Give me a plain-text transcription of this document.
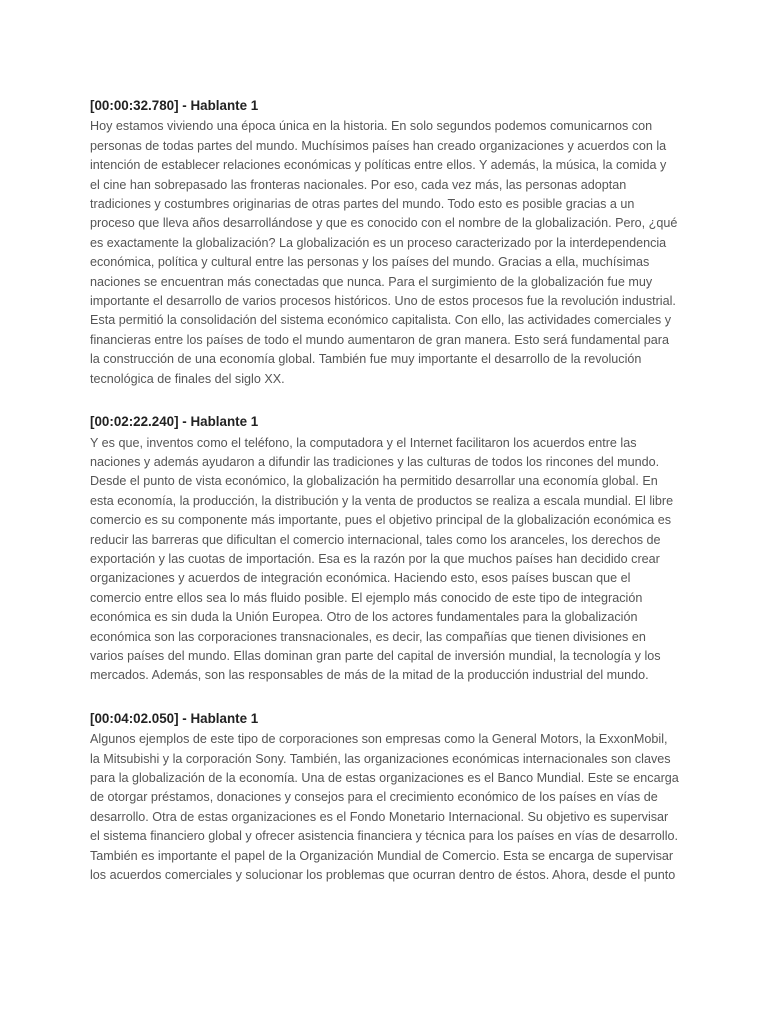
[00:00:32.780] - Hablante 1
Hoy estamos viviendo una época única en la historia. En solo segundos podemos comunicarnos con
personas de todas partes del mundo. Muchísimos países han creado organizaciones y acuerdos con la
intención de establecer relaciones económicas y políticas entre ellos. Y además, la música, la comida y
el cine han sobrepasado las fronteras nacionales. Por eso, cada vez más, las personas adoptan
tradiciones y costumbres originarias de otras partes del mundo. Todo esto es posible gracias a un
proceso que lleva años desarrollándose y que es conocido con el nombre de la globalización. Pero, ¿qué
es exactamente la globalización? La globalización es un proceso caracterizado por la interdependencia
económica, política y cultural entre las personas y los países del mundo. Gracias a ella, muchísimas
naciones se encuentran más conectadas que nunca. Para el surgimiento de la globalización fue muy
importante el desarrollo de varios procesos históricos. Uno de estos procesos fue la revolución industrial.
Esta permitió la consolidación del sistema económico capitalista. Con ello, las actividades comerciales y
financieras entre los países de todo el mundo aumentaron de gran manera. Esto será fundamental para
la construcción de una economía global. También fue muy importante el desarrollo de la revolución
tecnológica de finales del siglo XX.
[00:02:22.240] - Hablante 1
Y es que, inventos como el teléfono, la computadora y el Internet facilitaron los acuerdos entre las
naciones y además ayudaron a difundir las tradiciones y las culturas de todos los rincones del mundo.
Desde el punto de vista económico, la globalización ha permitido desarrollar una economía global. En
esta economía, la producción, la distribución y la venta de productos se realiza a escala mundial. El libre
comercio es su componente más importante, pues el objetivo principal de la globalización económica es
reducir las barreras que dificultan el comercio internacional, tales como los aranceles, los derechos de
exportación y las cuotas de importación. Esa es la razón por la que muchos países han decidido crear
organizaciones y acuerdos de integración económica. Haciendo esto, esos países buscan que el
comercio entre ellos sea lo más fluido posible. El ejemplo más conocido de este tipo de integración
económica es sin duda la Unión Europea. Otro de los actores fundamentales para la globalización
económica son las corporaciones transnacionales, es decir, las compañías que tienen divisiones en
varios países del mundo. Ellas dominan gran parte del capital de inversión mundial, la tecnología y los
mercados. Además, son las responsables de más de la mitad de la producción industrial del mundo.
[00:04:02.050] - Hablante 1
Algunos ejemplos de este tipo de corporaciones son empresas como la General Motors, la ExxonMobil,
la Mitsubishi y la corporación Sony. También, las organizaciones económicas internacionales son claves
para la globalización de la economía. Una de estas organizaciones es el Banco Mundial. Este se encarga
de otorgar préstamos, donaciones y consejos para el crecimiento económico de los países en vías de
desarrollo. Otra de estas organizaciones es el Fondo Monetario Internacional. Su objetivo es supervisar
el sistema financiero global y ofrecer asistencia financiera y técnica para los países en vías de desarrollo.
También es importante el papel de la Organización Mundial de Comercio. Esta se encarga de supervisar
los acuerdos comerciales y solucionar los problemas que ocurran dentro de éstos. Ahora, desde el punto
